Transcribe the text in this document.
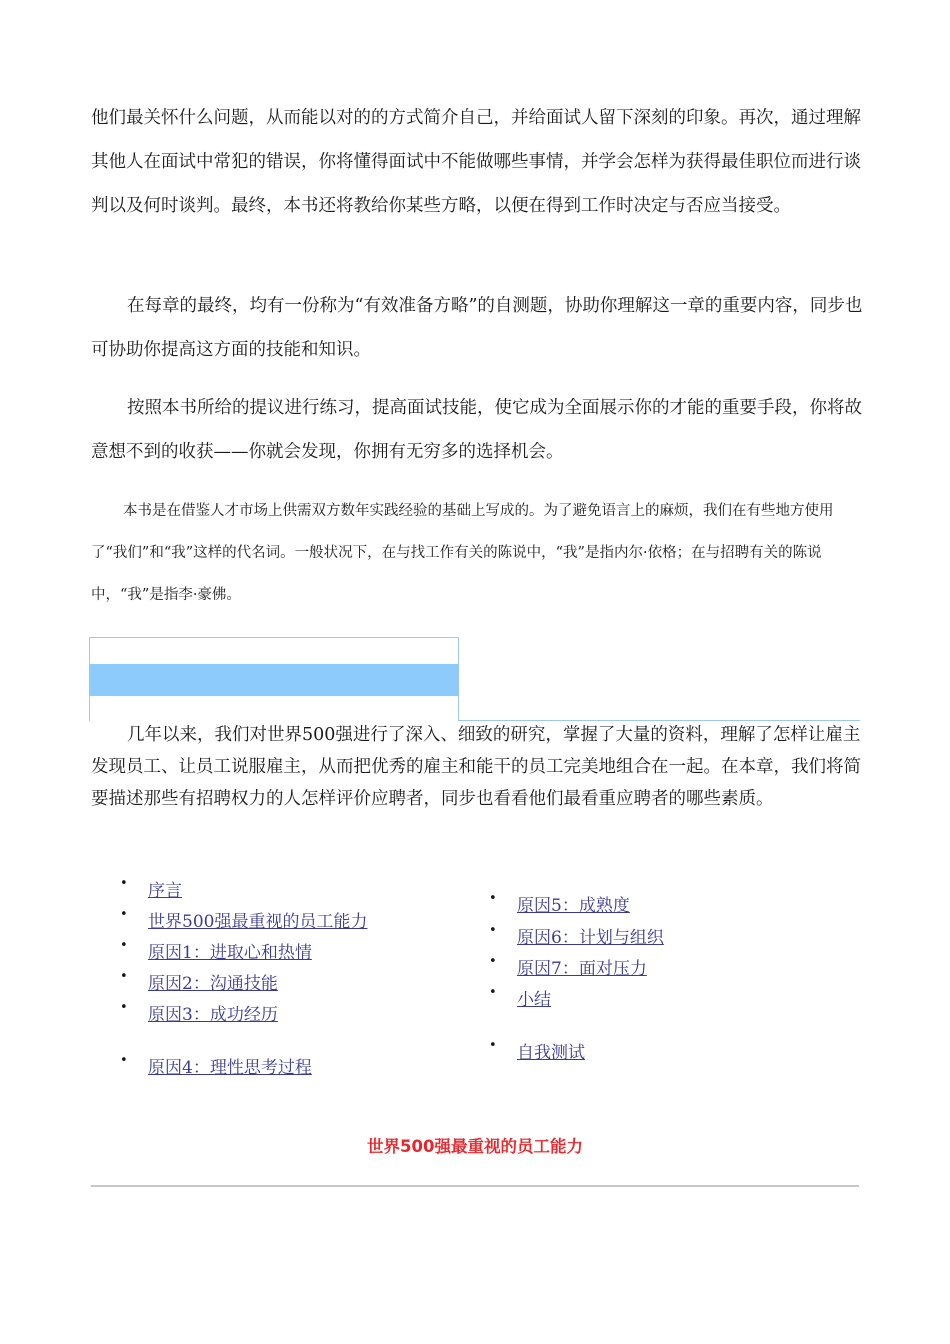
他们最关怀什么问题，从而能以对的的方式简介自己，并给面试人留下深刻的印象。再次，通过理解其他人在面试中常犯的错误，你将懂得面试中不能做哪些事情，并学会怎样为获得最佳职位而进行谈判以及何时谈判。最终，本书还将教给你某些方略，以便在得到工作时决定与否应当接受。

在每章的最终，均有一份称为“有效准备方略”的自测题，协助你理解这一章的重要内容，同步也可协助你提高这方面的技能和知识。

按照本书所给的提议进行练习，提高面试技能，使它成为全面展示你的才能的重要手段，你将故意想不到的收获——你就会发现，你拥有无穷多的选择机会。

本书是在借鉴人才市场上供需双方数年实践经验的基础上写成的。为了避免语言上的麻烦，我们在有些地方使用了“我们”和“我”这样的代名词。一般状况下，在与找工作有关的陈说中，“我”是指内尔·依格；在与招聘有关的陈说中，“我”是指李·豪佛。

几年以来，我们对世界500强进行了深入、细致的研究，掌握了大量的资料，理解了怎样让雇主发现员工、让员工说服雇主，从而把优秀的雇主和能干的员工完美地组合在一起。在本章，我们将简要描述那些有招聘权力的人怎样评价应聘者，同步也看看他们最看重应聘者的哪些素质。

• 序言
• 世界500强最重视的员工能力
• 原因1：进取心和热情
• 原因2：沟通技能
• 原因3：成功经历
• 原因4：理性思考过程
• 原因5：成熟度
• 原因6：计划与组织
• 原因7：面对压力
• 小结
• 自我测试
世界500强最重视的员工能力
